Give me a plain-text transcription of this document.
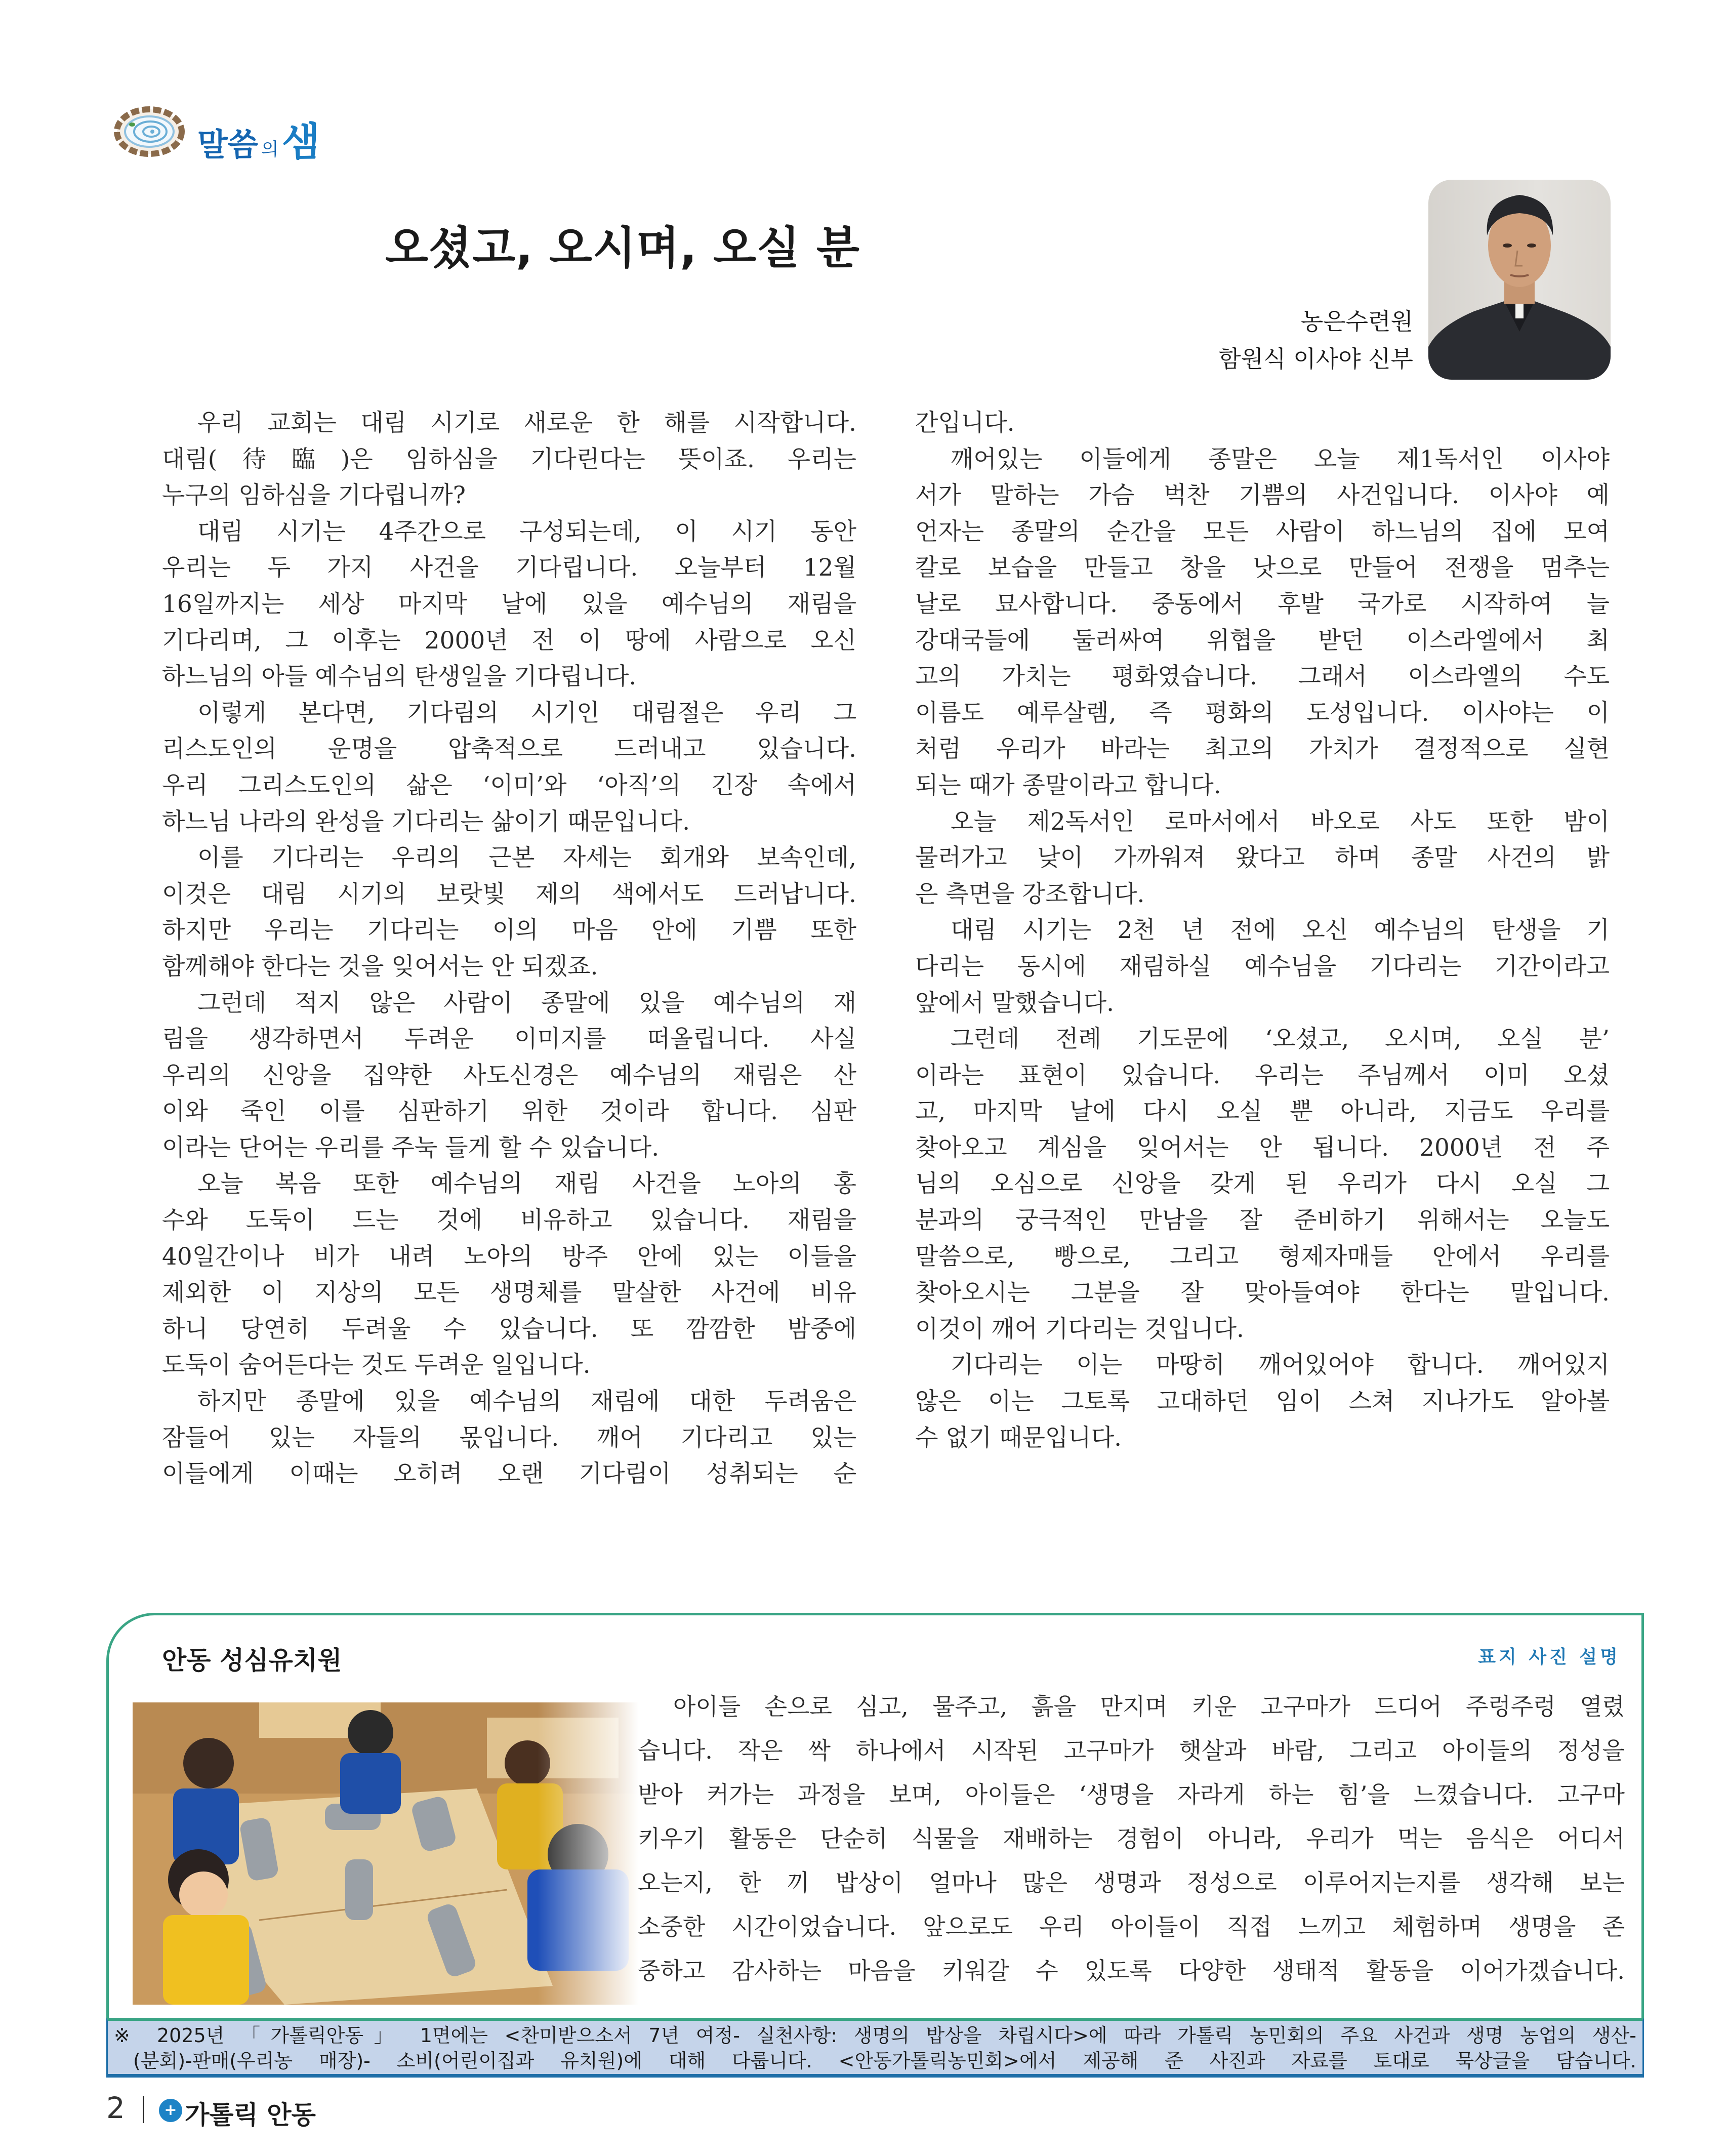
말씀 의샘
오셨고, 오시며, 오실 분
농은수련원
함원식 이사야 신부
우리 교회는 대림 시기로 새로운 한 해를 시작합니다.
대림(待臨)은 임하심을 기다린다는 뜻이죠. 우리는
누구의 임하심을 기다립니까?
대림 시기는 4주간으로 구성되는데, 이 시기 동안
우리는 두 가지 사건을 기다립니다. 오늘부터 12월
16일까지는 세상 마지막 날에 있을 예수님의 재림을
기다리며, 그 이후는 2000년 전 이 땅에 사람으로 오신
하느님의 아들 예수님의 탄생일을 기다립니다.
이렇게 본다면, 기다림의 시기인 대림절은 우리 그
리스도인의 운명을 압축적으로 드러내고 있습니다.
우리 그리스도인의 삶은 ‘이미’와 ‘아직’의 긴장 속에서
하느님 나라의 완성을 기다리는 삶이기 때문입니다.
이를 기다리는 우리의 근본 자세는 회개와 보속인데,
이것은 대림 시기의 보랏빛 제의 색에서도 드러납니다.
하지만 우리는 기다리는 이의 마음 안에 기쁨 또한
함께해야 한다는 것을 잊어서는 안 되겠죠.
그런데 적지 않은 사람이 종말에 있을 예수님의 재
림을 생각하면서 두려운 이미지를 떠올립니다. 사실
우리의 신앙을 집약한 사도신경은 예수님의 재림은 산
이와 죽인 이를 심판하기 위한 것이라 합니다. 심판
이라는 단어는 우리를 주눅 들게 할 수 있습니다.
오늘 복음 또한 예수님의 재림 사건을 노아의 홍
수와 도둑이 드는 것에 비유하고 있습니다. 재림을
40일간이나 비가 내려 노아의 방주 안에 있는 이들을
제외한 이 지상의 모든 생명체를 말살한 사건에 비유
하니 당연히 두려울 수 있습니다. 또 깜깜한 밤중에
도둑이 숨어든다는 것도 두려운 일입니다.
하지만 종말에 있을 예수님의 재림에 대한 두려움은
잠들어 있는 자들의 몫입니다. 깨어 기다리고 있는
이들에게 이때는 오히려 오랜 기다림이 성취되는 순
간입니다.
깨어있는 이들에게 종말은 오늘 제1독서인 이사야
서가 말하는 가슴 벅찬 기쁨의 사건입니다. 이사야 예
언자는 종말의 순간을 모든 사람이 하느님의 집에 모여
칼로 보습을 만들고 창을 낫으로 만들어 전쟁을 멈추는
날로 묘사합니다. 중동에서 후발 국가로 시작하여 늘
강대국들에 둘러싸여 위협을 받던 이스라엘에서 최
고의 가치는 평화였습니다. 그래서 이스라엘의 수도
이름도 예루살렘, 즉 평화의 도성입니다. 이사야는 이
처럼 우리가 바라는 최고의 가치가 결정적으로 실현
되는 때가 종말이라고 합니다.
오늘 제2독서인 로마서에서 바오로 사도 또한 밤이
물러가고 낮이 가까워져 왔다고 하며 종말 사건의 밝
은 측면을 강조합니다.
대림 시기는 2천 년 전에 오신 예수님의 탄생을 기
다리는 동시에 재림하실 예수님을 기다리는 기간이라고
앞에서 말했습니다.
그런데 전례 기도문에 ‘오셨고, 오시며, 오실 분’
이라는 표현이 있습니다. 우리는 주님께서 이미 오셨
고, 마지막 날에 다시 오실 뿐 아니라, 지금도 우리를
찾아오고 계심을 잊어서는 안 됩니다. 2000년 전 주
님의 오심으로 신앙을 갖게 된 우리가 다시 오실 그
분과의 궁극적인 만남을 잘 준비하기 위해서는 오늘도
말씀으로, 빵으로, 그리고 형제자매들 안에서 우리를
찾아오시는 그분을 잘 맞아들여야 한다는 말입니다.
이것이 깨어 기다리는 것입니다.
기다리는 이는 마땅히 깨어있어야 합니다. 깨어있지
않은 이는 그토록 고대하던 임이 스쳐 지나가도 알아볼
수 없기 때문입니다.
안동 성심유치원	표지 사진 설명
아이들 손으로 심고, 물주고, 흙을 만지며 키운 고구마가 드디어 주렁주렁 열렸
습니다. 작은 싹 하나에서 시작된 고구마가 햇살과 바람, 그리고 아이들의 정성을
받아 커가는 과정을 보며, 아이들은 ‘생명을 자라게 하는 힘’을 느꼈습니다. 고구마
키우기 활동은 단순히 식물을 재배하는 경험이 아니라, 우리가 먹는 음식은 어디서
오는지, 한 끼 밥상이 얼마나 많은 생명과 정성으로 이루어지는지를 생각해 보는
소중한 시간이었습니다. 앞으로도 우리 아이들이 직접 느끼고 체험하며 생명을 존
중하고 감사하는 마음을 키워갈 수 있도록 다양한 생태적 활동을 이어가겠습니다.
※ 2025년 「가톨릭안동」 1면에는 <찬미받으소서 7년 여정- 실천사항: 생명의 밥상을 차립시다>에 따라 가톨릭 농민회의 주요 사건과 생명 농업의 생산-
(분회)-판매(우리농 매장)- 소비(어린이집과 유치원)에 대해 다룹니다. <안동가톨릭농민회>에서 제공해 준 사진과 자료를 토대로 묵상글을 담습니다.
2	+ 가톨릭 안동
